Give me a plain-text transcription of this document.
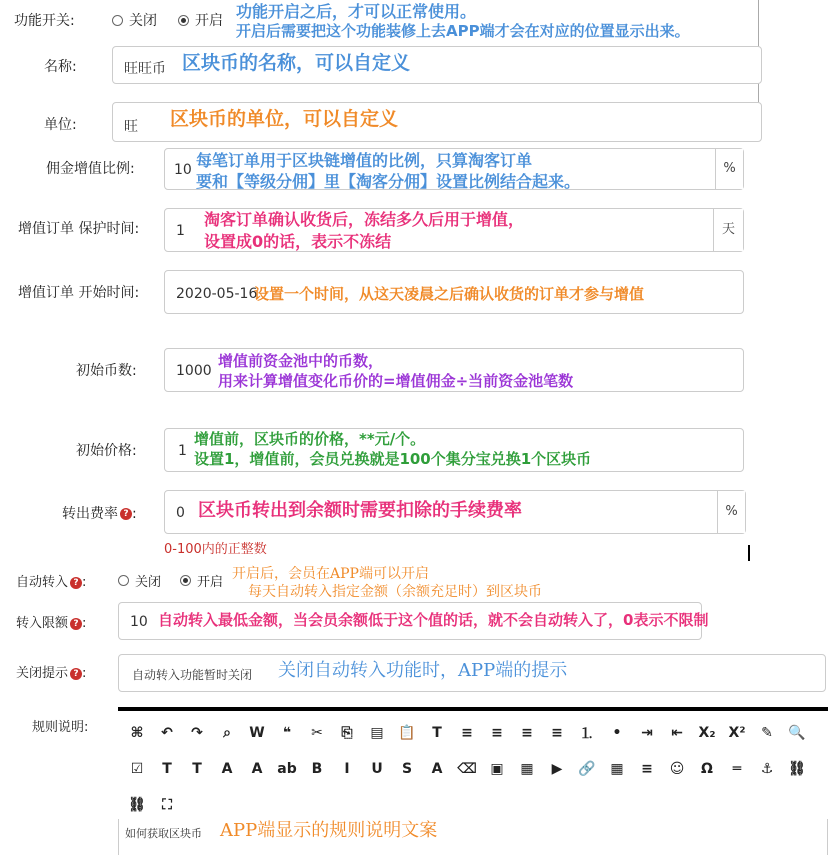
功能开关:	关闭	开启 功能开启之后，才可以正常使用。
开启后需要把这个功能装修上去APP端才会在对应的位置显示出来。
名称:	旺旺币 区块币的名称，可以自定义
单位:	旺 区块币的单位，可以自定义
佣金增值比例:	10	%
每笔订单用于区块链增值的比例，只算淘客订单
要和【等级分佣】里【淘客分佣】设置比例结合起来。
增值订单 保护时间:	1	天
淘客订单确认收货后，冻结多久后用于增值，
设置成0的话，表示不冻结
增值订单 开始时间:	2020-05-16
设置一个时间，从这天凌晨之后确认收货的订单才参与增值
初始币数:	1000
增值前资金池中的币数，
用来计算增值变化币价的=增值佣金÷当前资金池笔数
初始价格:	1
增值前，区块币的价格，**元/个。
设置1，增值前，会员兑换就是100个集分宝兑换1个区块币
转出费率 ? :	0	%
区块币转出到余额时需要扣除的手续费率
0-100内的正整数
自动转入 ? :	关闭	开启
开启后，会员在APP端可以开启
每天自动转入指定金额（余额充足时）到区块币
转入限额 ? :	10 自动转入最低金额，当会员余额低于这个值的话，就不会自动转入了，0表示不限制
关闭提示 ? :	自动转入功能暂时关闭 关闭自动转入功能时，APP端的提示
规则说明:	⌘	↶	↷	⌕	W	❝	✂	⎘	▤	📋	T	≡	≡	≡	≡	⒈	•	⇥	⇤	X₂ X²	✎	🔍
☑	T	T	A	A	ab	B	I	U	S	A	⌫ ▣	▦	▶	🔗	▦	≡	☺	Ω	═	⚓	⛓
⛓	⛶
如何获取区块币 APP端显示的规则说明文案
